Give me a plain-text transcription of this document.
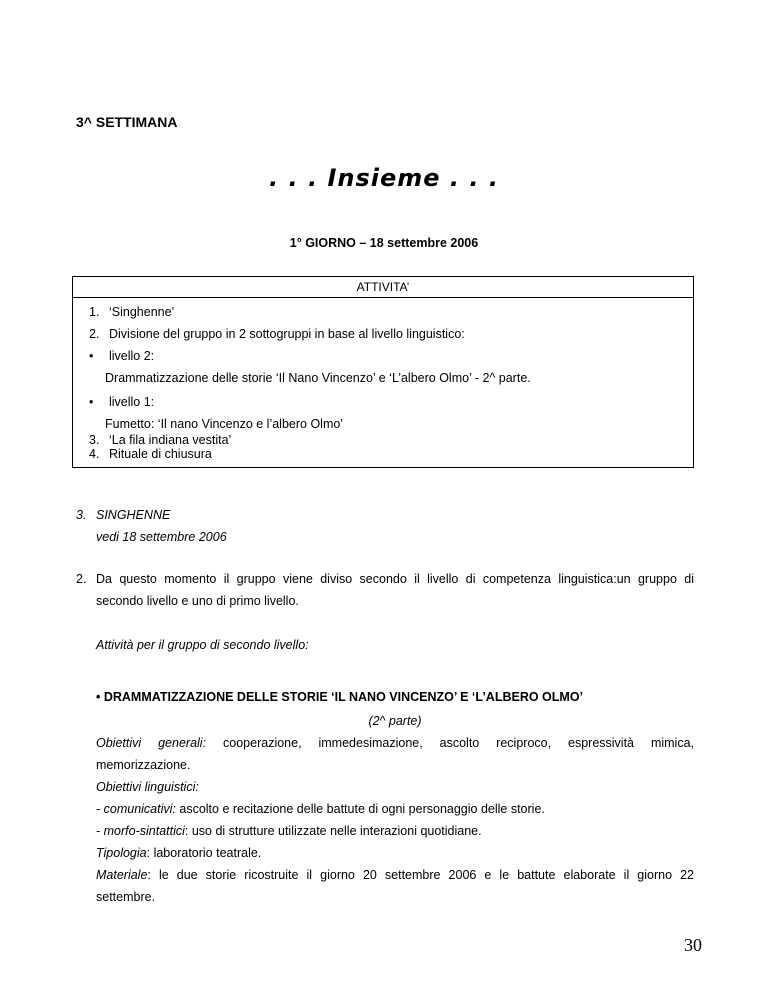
3^ SETTIMANA
. . . Insieme . . .
1° GIORNO – 18 settembre 2006
ATTIVITA’
1. ‘Singhenne’
2. Divisione del gruppo in 2 sottogruppi in base al livello linguistico:
• livello 2:
Drammatizzazione delle storie ‘Il Nano Vincenzo’ e ‘L’albero Olmo’ - 2^ parte.
• livello 1:
Fumetto: ‘Il nano Vincenzo e l’albero Olmo’
3. ‘La fila indiana vestita’
4. Rituale di chiusura
3. SINGHENNE
vedi 18 settembre 2006
2. Da questo momento il gruppo viene diviso secondo il livello di competenza linguistica:un gruppo di
secondo livello e uno di primo livello.
Attività per il gruppo di secondo livello:
• DRAMMATIZZAZIONE DELLE STORIE ‘IL NANO VINCENZO’ E ‘L’ALBERO OLMO’
(2^ parte)
Obiettivi generali: cooperazione, immedesimazione, ascolto reciproco, espressività mimica,
memorizzazione.
Obiettivi linguistici:
- comunicativi: ascolto e recitazione delle battute di ogni personaggio delle storie.
- morfo-sintattici: uso di strutture utilizzate nelle interazioni quotidiane.
Tipologia: laboratorio teatrale.
Materiale: le due storie ricostruite il giorno 20 settembre 2006 e le battute elaborate il giorno 22
settembre.
30
